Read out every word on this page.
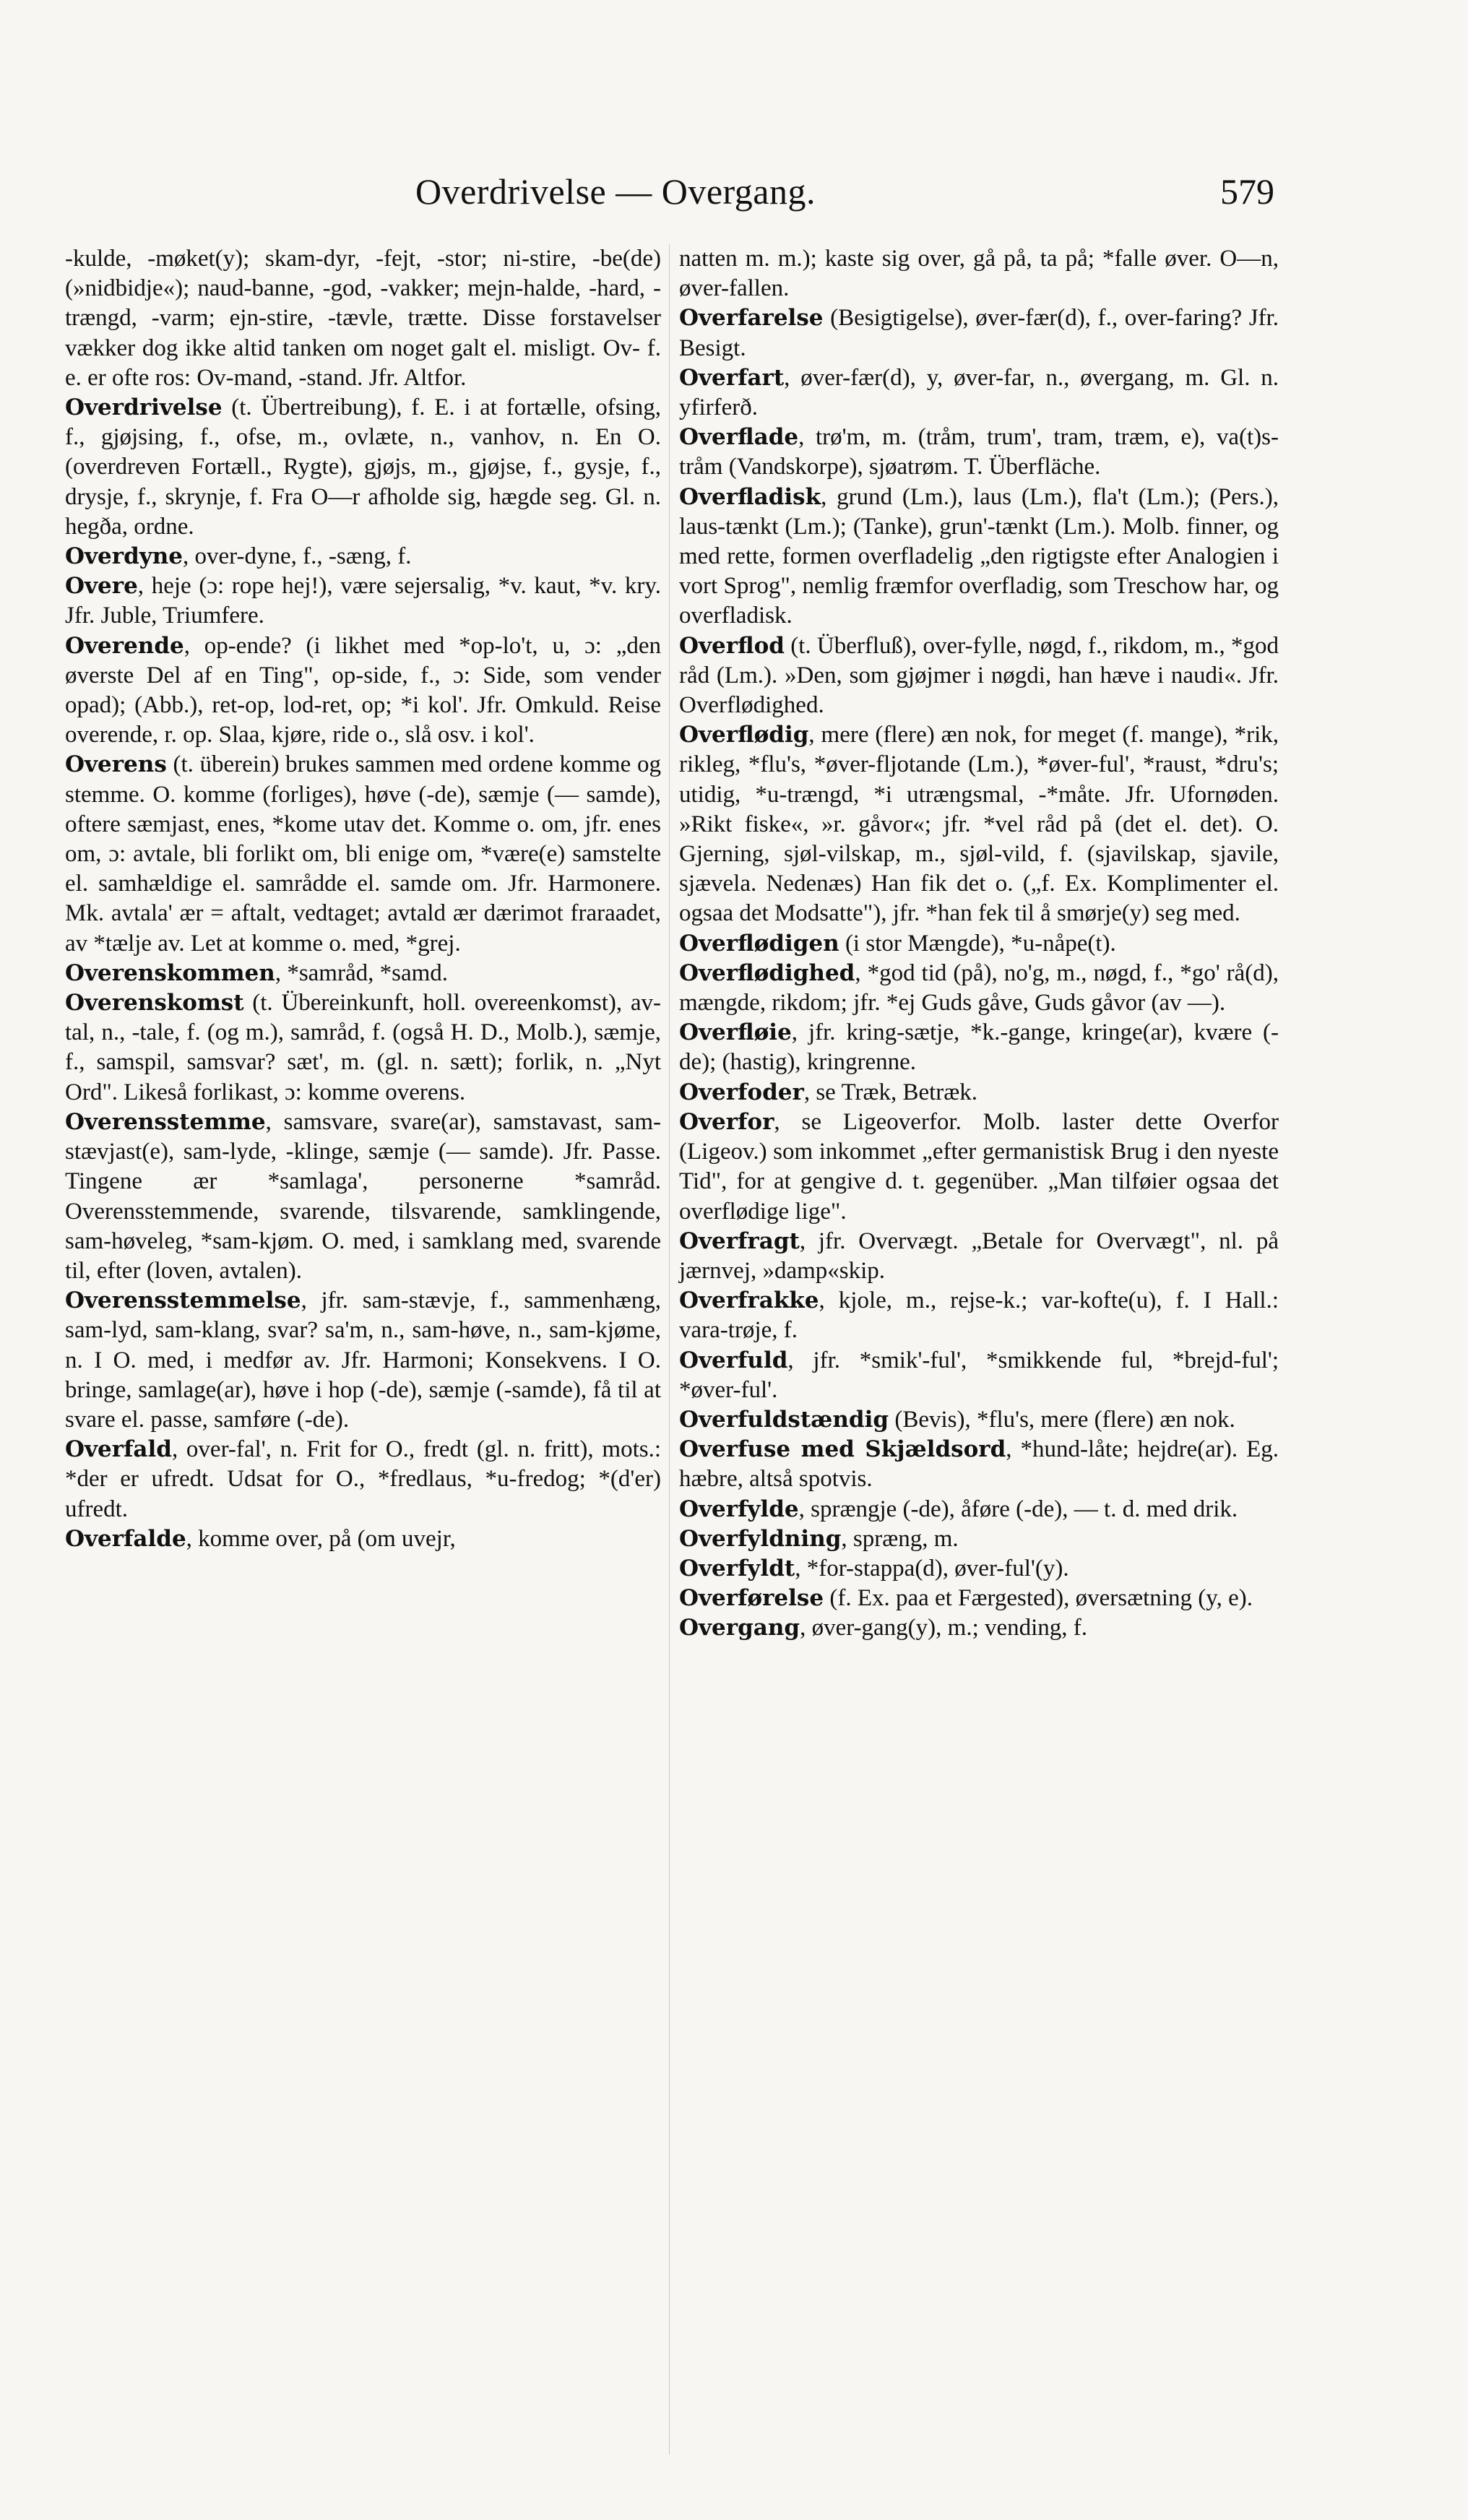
Overdrivelse — Overgang.	579

-kulde, -møket(y); skam-dyr, -fejt, -stor; ni-stire, -be(de) (»nidbidje«); naud-banne, -god, -vakker; mejn-halde, -hard, -trængd, -varm; ejn-stire, -tævle, trætte. Disse forstavelser vækker dog ikke altid tanken om noget galt el. misligt. Ov- f. e. er ofte ros: Ov-mand, -stand. Jfr. Altfor.

Overdrivelse (t. Übertreibung), f. E. i at fortælle, ofsing, f., gjøjsing, f., ofse, m., ovlæte, n., vanhov, n. En O. (overdreven Fortæll., Rygte), gjøjs, m., gjøjse, f., gysje, f., drysje, f., skrynje, f. Fra O—r afholde sig, hægde seg. Gl. n. hegða, ordne.

Overdyne, over-dyne, f., -sæng, f.

Overe, heje (ɔ: rope hej!), være sejersalig, *v. kaut, *v. kry. Jfr. Juble, Triumfere.

Overende, op-ende? (i likhet med *op-lo't, u, ɔ: „den øverste Del af en Ting", op-side, f., ɔ: Side, som vender opad); (Abb.), ret-op, lod-ret, op; *i kol'. Jfr. Omkuld. Reise overende, r. op. Slaa, kjøre, ride o., slå osv. i kol'.

Overens (t. überein) brukes sammen med ordene komme og stemme. O. komme (forliges), høve (-de), sæmje (— samde), oftere sæmjast, enes, *kome utav det. Komme o. om, jfr. enes om, ɔ: avtale, bli forlikt om, bli enige om, *være(e) samstelte el. samhældige el. samrådde el. samde om. Jfr. Harmonere. Mk. avtala' ær = aftalt, vedtaget; avtald ær dærimot fraraadet, av *tælje av. Let at komme o. med, *grej.

Overenskommen, *samråd, *samd.

Overenskomst (t. Übereinkunft, holl. overeenkomst), av-tal, n., -tale, f. (og m.), samråd, f. (også H. D., Molb.), sæmje, f., samspil, samsvar? sæt', m. (gl. n. sætt); forlik, n. „Nyt Ord". Likeså forlikast, ɔ: komme overens.

Overensstemme, samsvare, svare(ar), samstavast, sam-stævjast(e), sam-lyde, -klinge, sæmje (— samde). Jfr. Passe. Tingene ær *samlaga', personerne *samråd. Overensstemmende, svarende, tilsvarende, samklingende, sam-høveleg, *sam-kjøm. O. med, i samklang med, svarende til, efter (loven, avtalen).

Overensstemmelse, jfr. sam-stævje, f., sammenhæng, sam-lyd, sam-klang, svar? sa'm, n., sam-høve, n., sam-kjøme, n. I O. med, i medfør av. Jfr. Harmoni; Konsekvens. I O. bringe, samlage(ar), høve i hop (-de), sæmje (-samde), få til at svare el. passe, samføre (-de).

Overfald, over-fal', n. Frit for O., fredt (gl. n. fritt), mots.: *der er ufredt. Udsat for O., *fredlaus, *u-fredog; *(d'er) ufredt.

Overfalde, komme over, på (om uvejr,

natten m. m.); kaste sig over, gå på, ta på; *falle øver. O—n, øver-fallen.

Overfarelse (Besigtigelse), øver-fær(d), f., over-faring? Jfr. Besigt.

Overfart, øver-fær(d), y, øver-far, n., øvergang, m. Gl. n. yfirferð.

Overflade, trø'm, m. (tråm, trum', tram, træm, e), va(t)s-tråm (Vandskorpe), sjøatrøm. T. Überfläche.

Overfladisk, grund (Lm.), laus (Lm.), fla't (Lm.); (Pers.), laus-tænkt (Lm.); (Tanke), grun'-tænkt (Lm.). Molb. finner, og med rette, formen overfladelig „den rigtigste efter Analogien i vort Sprog", nemlig fræmfor overfladig, som Treschow har, og overfladisk.

Overflod (t. Überfluß), over-fylle, nøgd, f., rikdom, m., *god råd (Lm.). »Den, som gjøjmer i nøgdi, han hæve i naudi«. Jfr. Overflødighed.

Overflødig, mere (flere) æn nok, for meget (f. mange), *rik, rikleg, *flu's, *øver-fljotande (Lm.), *øver-ful', *raust, *dru's; utidig, *u-trængd, *i utrængsmal, -*måte. Jfr. Ufornøden. »Rikt fiske«, »r. gåvor«; jfr. *vel råd på (det el. det). O. Gjerning, sjøl-vilskap, m., sjøl-vild, f. (sjavilskap, sjavile, sjævela. Nedenæs) Han fik det o. („f. Ex. Komplimenter el. ogsaa det Modsatte"), jfr. *han fek til å smørje(y) seg med.

Overflødigen (i stor Mængde), *u-nåpe(t).

Overflødighed, *god tid (på), no'g, m., nøgd, f., *go' rå(d), mængde, rikdom; jfr. *ej Guds gåve, Guds gåvor (av —).

Overfløie, jfr. kring-sætje, *k.-gange, kringe(ar), kvære (-de); (hastig), kringrenne.

Overfoder, se Træk, Betræk.

Overfor, se Ligeoverfor. Molb. laster dette Overfor (Ligeov.) som inkommet „efter germanistisk Brug i den nyeste Tid", for at gengive d. t. gegenüber. „Man tilføier ogsaa det overflødige lige".

Overfragt, jfr. Overvægt. „Betale for Overvægt", nl. på jærnvej, »damp«skip.

Overfrakke, kjole, m., rejse-k.; var-kofte(u), f. I Hall.: vara-trøje, f.

Overfuld, jfr. *smik'-ful', *smikkende ful, *brejd-ful'; *øver-ful'.

Overfuldstændig (Bevis), *flu's, mere (flere) æn nok.

Overfuse med Skjældsord, *hund-låte; hejdre(ar). Eg. hæbre, altså spotvis.

Overfylde, sprængje (-de), åføre (-de), — t. d. med drik.

Overfyldning, spræng, m.

Overfyldt, *for-stappa(d), øver-ful'(y).

Overførelse (f. Ex. paa et Færgested), øversætning (y, e).

Overgang, øver-gang(y), m.; vending, f.
